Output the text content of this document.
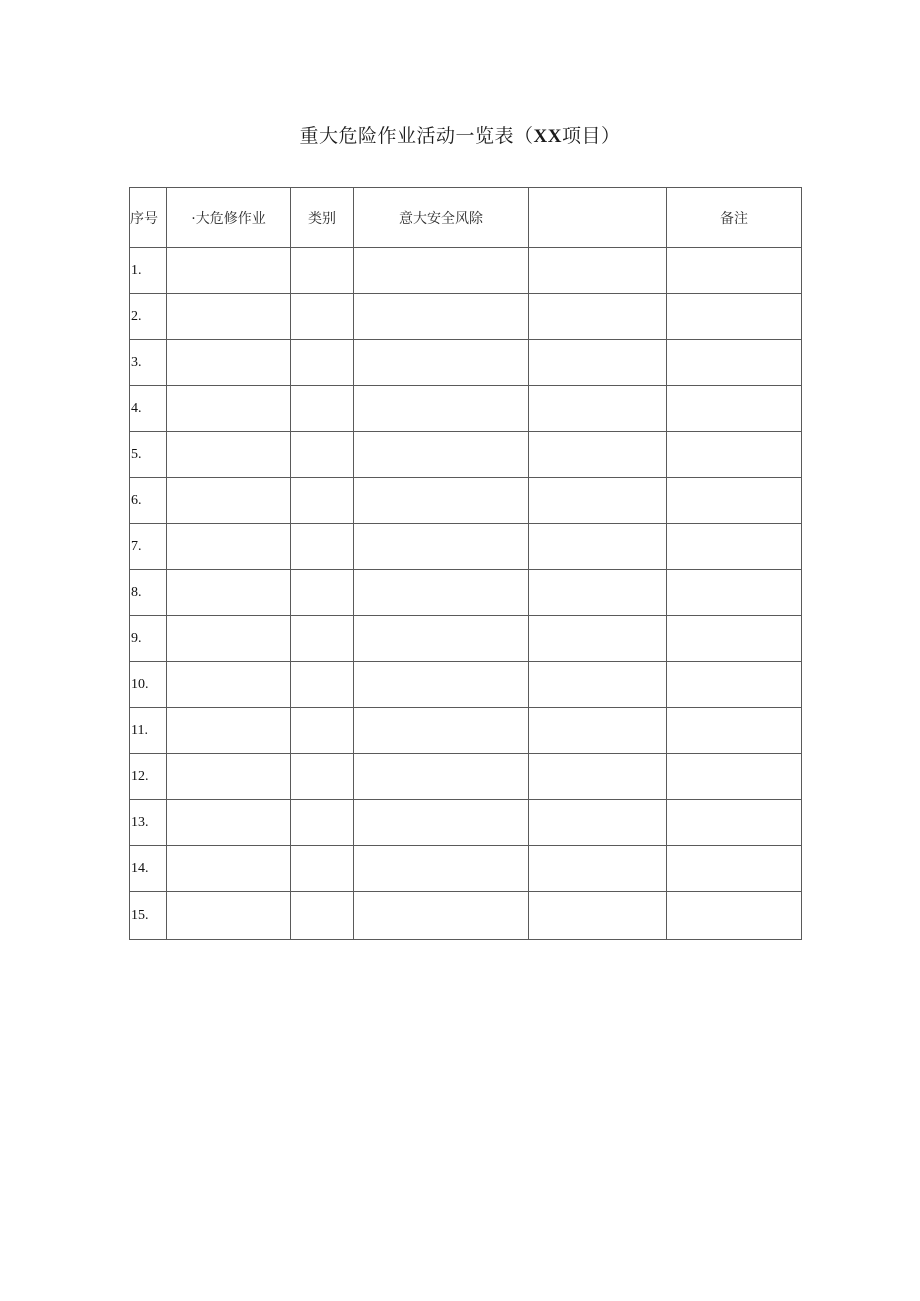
重大危险作业活动一览表（XX项目）
序号	·大危修作业	类别	意大安全风除		备注
1.					
2.					
3.					
4.					
5.					
6.					
7.					
8.					
9.					
10.					
11.					
12.					
13.					
14.					
15.					
